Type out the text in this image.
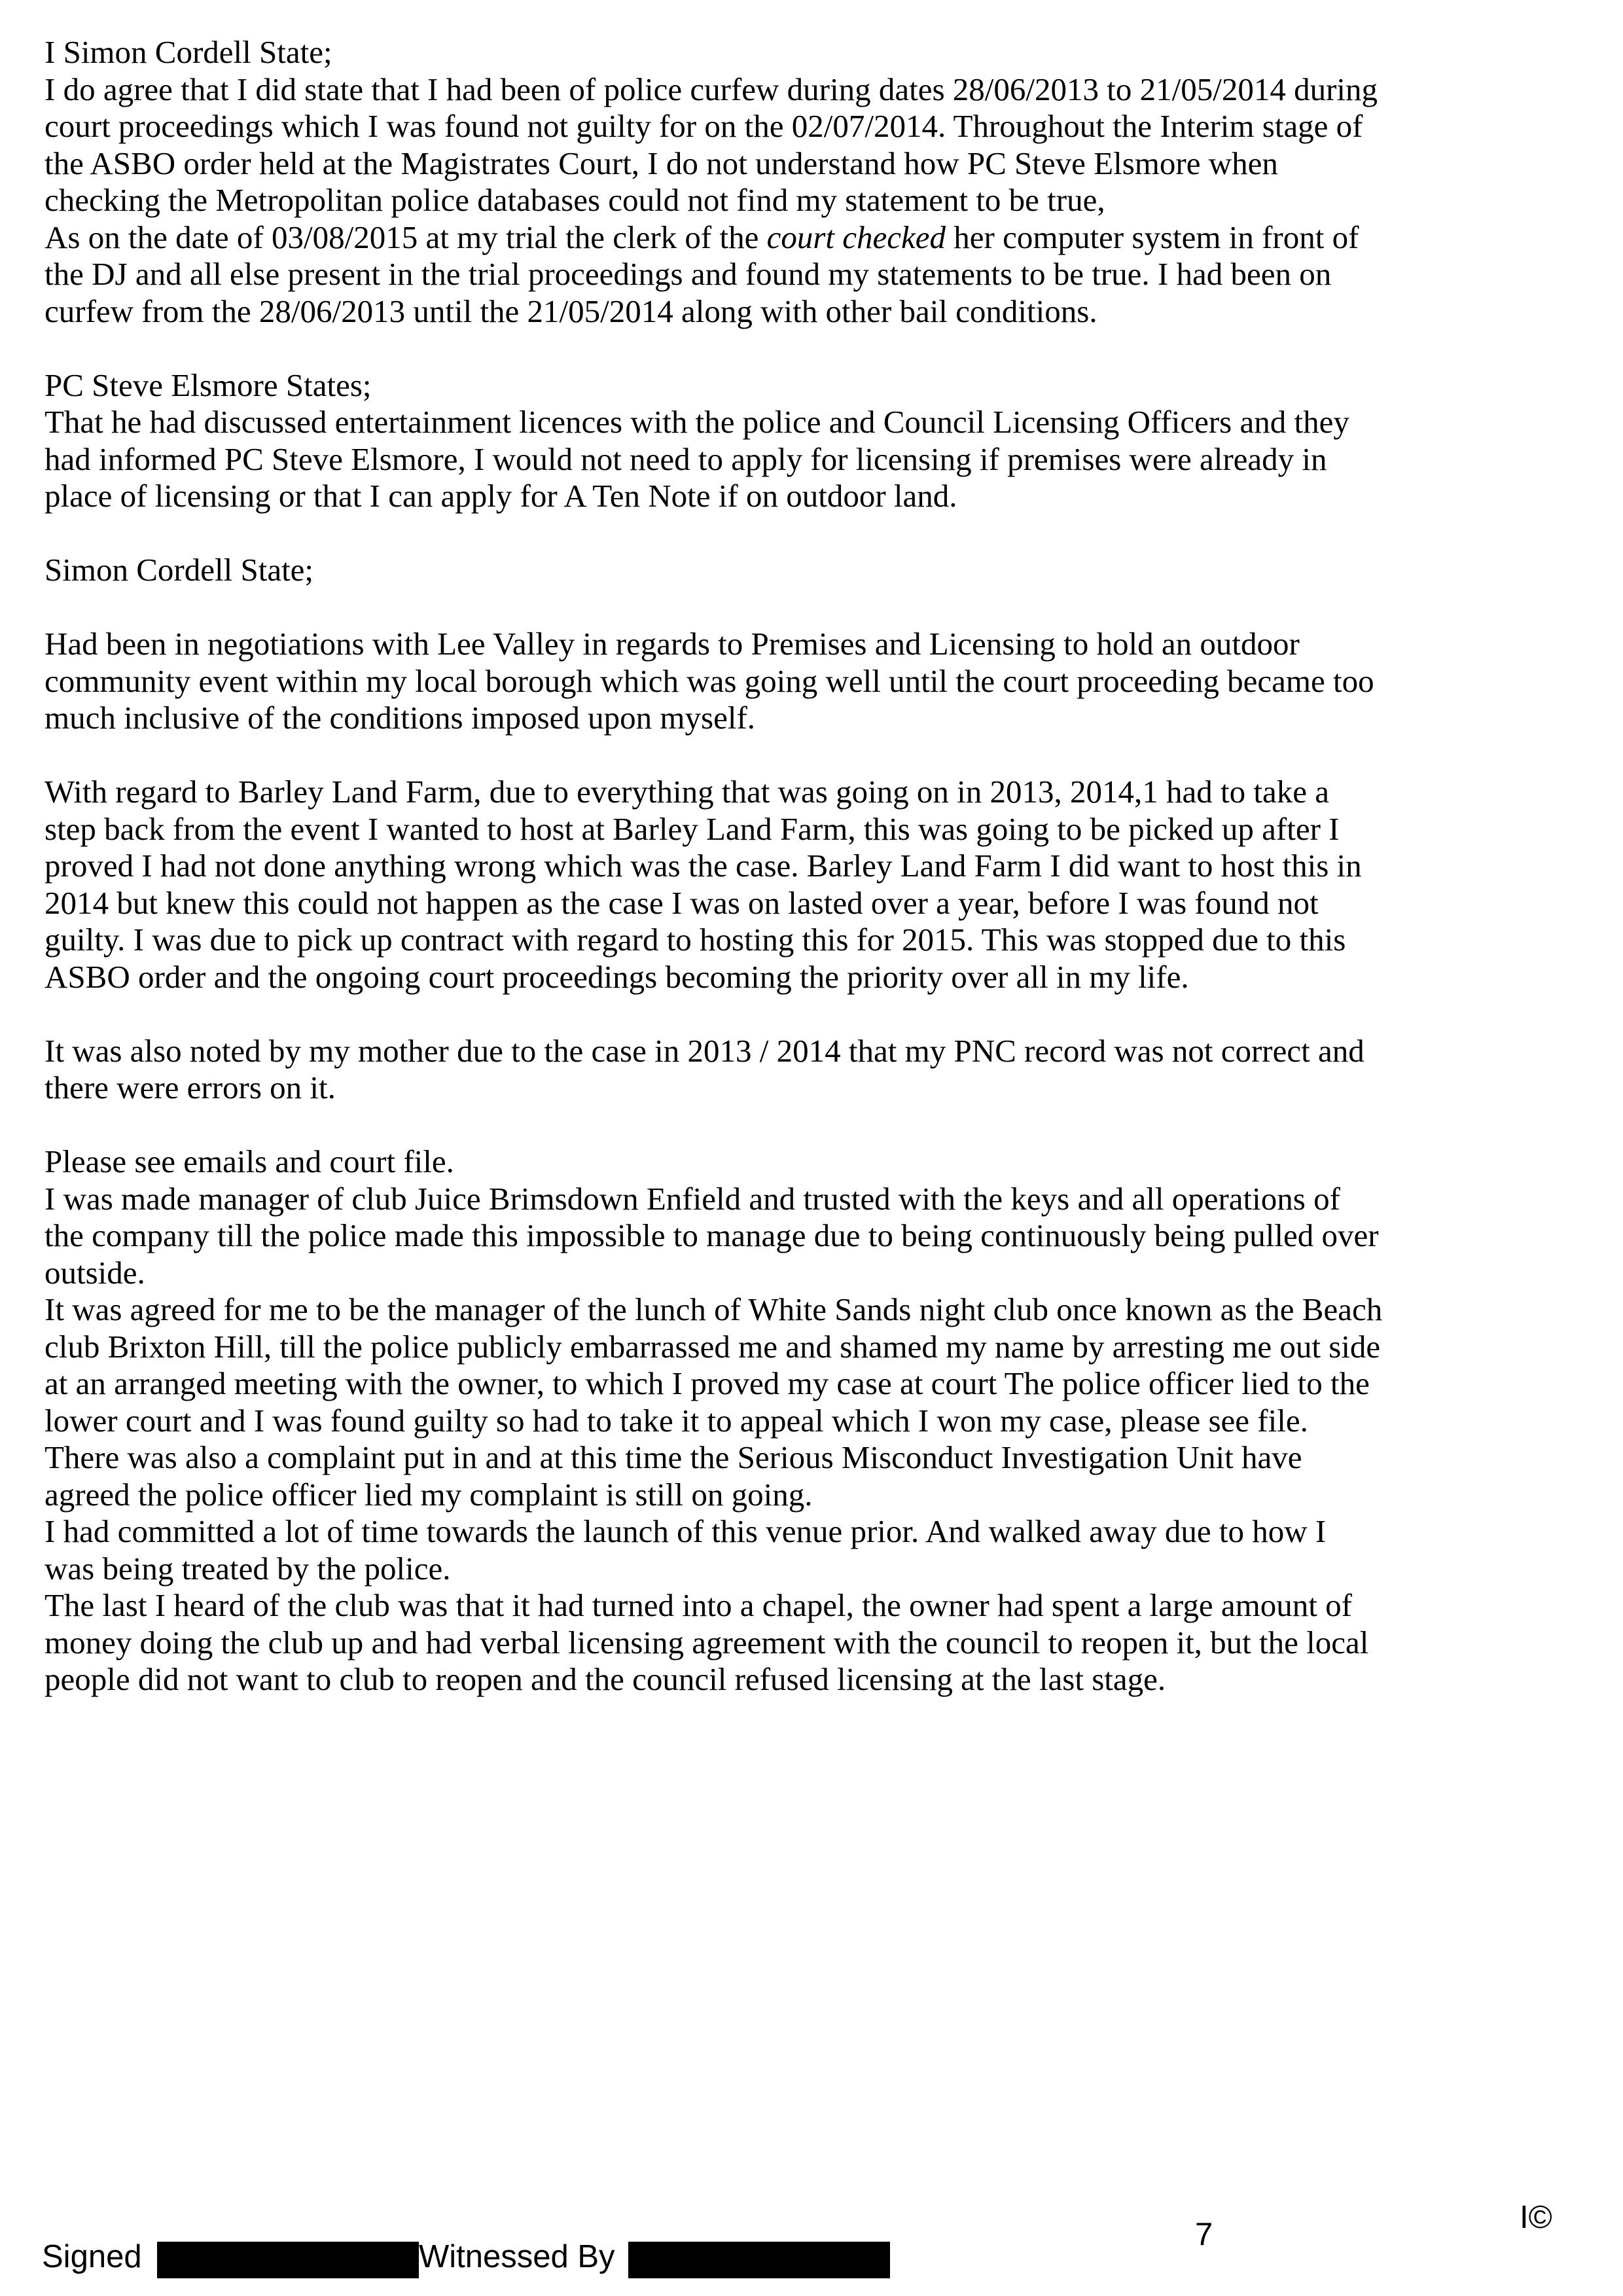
I Simon Cordell State;

I do agree that I did state that I had been of police curfew during dates 28/06/2013 to 21/05/2014 during

court proceedings which I was found not guilty for on the 02/07/2014. Throughout the Interim stage of

the ASBO order held at the Magistrates Court, I do not understand how PC Steve Elsmore when

checking the Metropolitan police databases could not find my statement to be true,

As on the date of 03/08/2015 at my trial the clerk of the court checked her computer system in front of

the DJ and all else present in the trial proceedings and found my statements to be true. I had been on

curfew from the 28/06/2013 until the 21/05/2014 along with other bail conditions.

PC Steve Elsmore States;

That he had discussed entertainment licences with the police and Council Licensing Officers and they

had informed PC Steve Elsmore, I would not need to apply for licensing if premises were already in

place of licensing or that I can apply for A Ten Note if on outdoor land.

Simon Cordell State;

Had been in negotiations with Lee Valley in regards to Premises and Licensing to hold an outdoor

community event within my local borough which was going well until the court proceeding became too

much inclusive of the conditions imposed upon myself.

With regard to Barley Land Farm, due to everything that was going on in 2013, 2014,1 had to take a

step back from the event I wanted to host at Barley Land Farm, this was going to be picked up after I

proved I had not done anything wrong which was the case. Barley Land Farm I did want to host this in

2014 but knew this could not happen as the case I was on lasted over a year, before I was found not

guilty. I was due to pick up contract with regard to hosting this for 2015. This was stopped due to this

ASBO order and the ongoing court proceedings becoming the priority over all in my life.

It was also noted by my mother due to the case in 2013 / 2014 that my PNC record was not correct and

there were errors on it.

Please see emails and court file.

I was made manager of club Juice Brimsdown Enfield and trusted with the keys and all operations of

the company till the police made this impossible to manage due to being continuously being pulled over

outside.

It was agreed for me to be the manager of the lunch of White Sands night club once known as the Beach

club Brixton Hill, till the police publicly embarrassed me and shamed my name by arresting me out side

at an arranged meeting with the owner, to which I proved my case at court The police officer lied to the

lower court and I was found guilty so had to take it to appeal which I won my case, please see file.

There was also a complaint put in and at this time the Serious Misconduct Investigation Unit have

agreed the police officer lied my complaint is still on going.

I had committed a lot of time towards the launch of this venue prior. And walked away due to how I

was being treated by the police.

The last I heard of the club was that it had turned into a chapel, the owner had spent a large amount of

money doing the club up and had verbal licensing agreement with the council to reopen it, but the local

people did not want to club to reopen and the council refused licensing at the last stage.

Signed	Witnessed By
7	I©
